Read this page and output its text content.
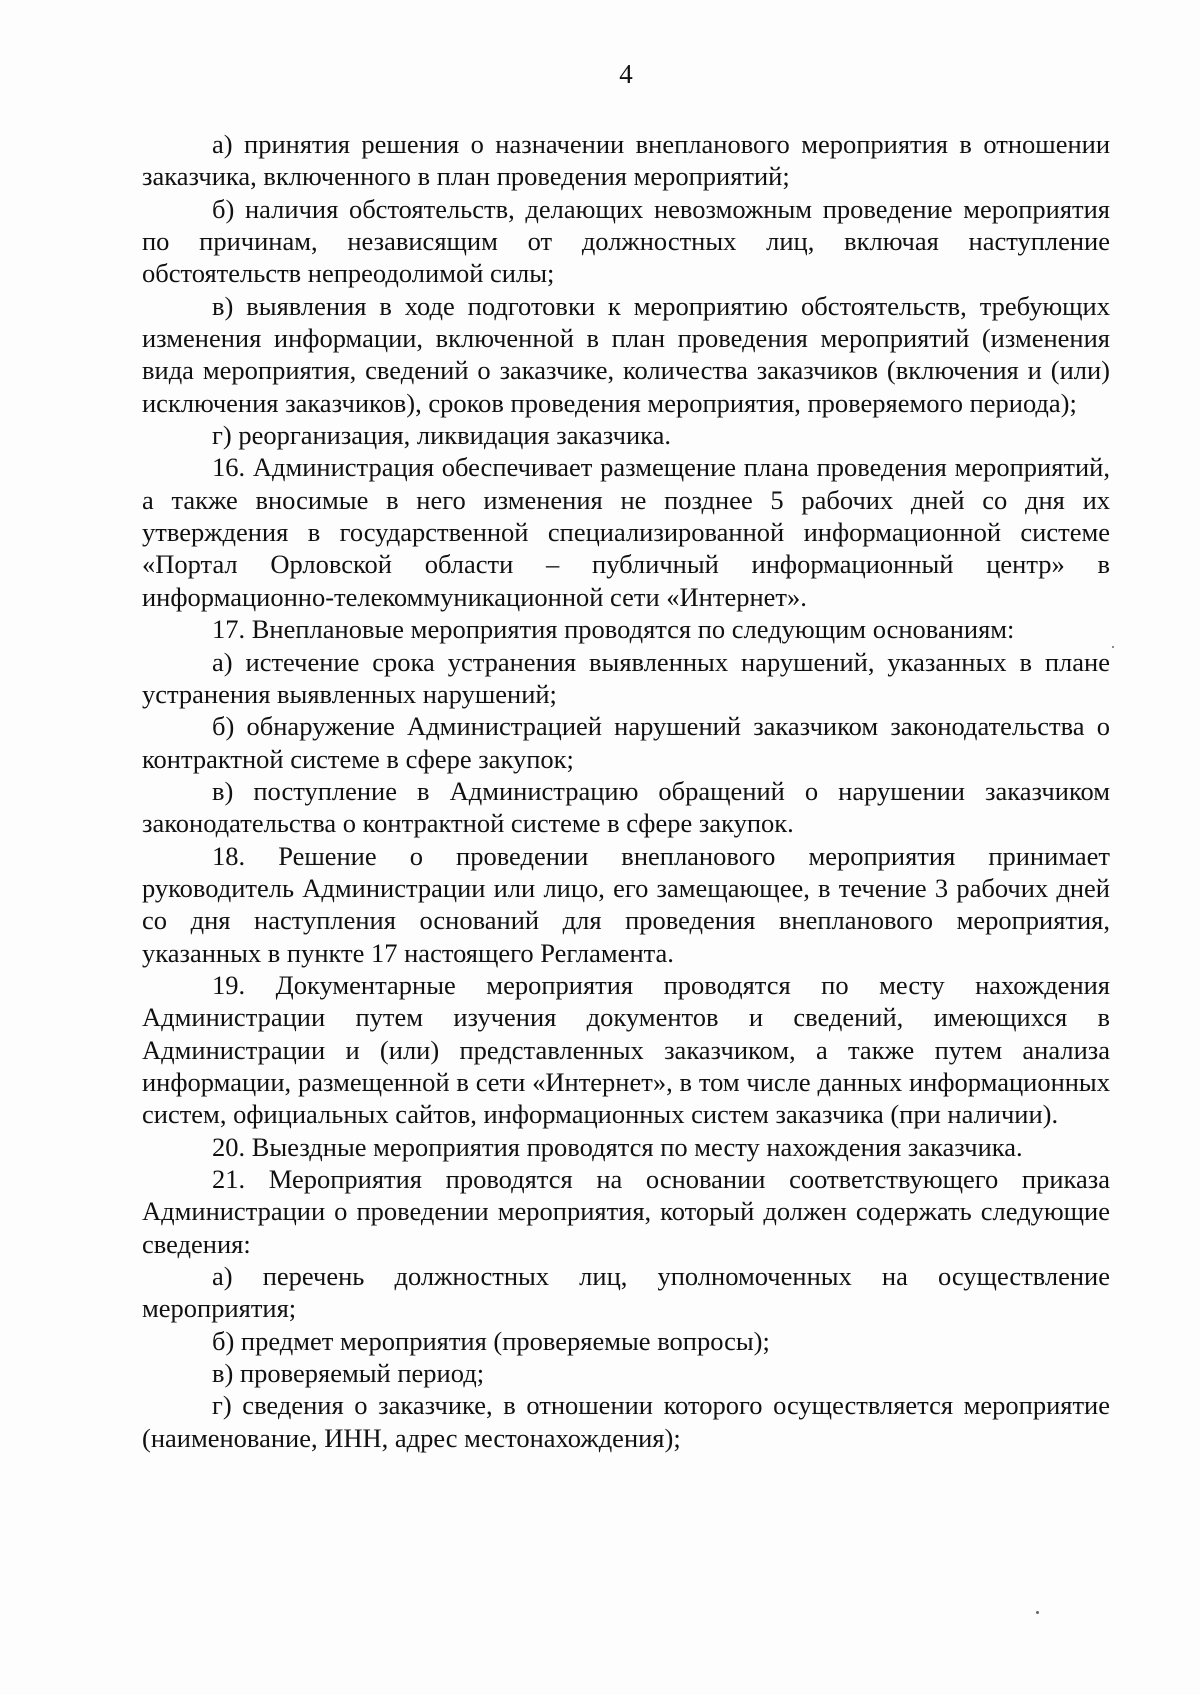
4

а) принятия решения о назначении внепланового мероприятия в отношении заказчика, включенного в план проведения мероприятий;

б) наличия обстоятельств, делающих невозможным проведение мероприятия по причинам, независящим от должностных лиц, включая наступление обстоятельств непреодолимой силы;

в) выявления в ходе подготовки к мероприятию обстоятельств, требующих изменения информации, включенной в план проведения мероприятий (изменения вида мероприятия, сведений о заказчике, количества заказчиков (включения и (или) исключения заказчиков), сроков проведения мероприятия, проверяемого периода);

г) реорганизация, ликвидация заказчика.

16. Администрация обеспечивает размещение плана проведения мероприятий, а также вносимые в него изменения не позднее 5 рабочих дней со дня их утверждения в государственной специализированной информационной системе «Портал Орловской области – публичный информационный центр» в информационно-телекоммуникационной сети «Интернет».

17. Внеплановые мероприятия проводятся по следующим основаниям:

а) истечение срока устранения выявленных нарушений, указанных в плане устранения выявленных нарушений;

б) обнаружение Администрацией нарушений заказчиком законодательства о контрактной системе в сфере закупок;

в) поступление в Администрацию обращений о нарушении заказчиком законодательства о контрактной системе в сфере закупок.

18. Решение о проведении внепланового мероприятия принимает руководитель Администрации или лицо, его замещающее, в течение 3 рабочих дней со дня наступления оснований для проведения внепланового мероприятия, указанных в пункте 17 настоящего Регламента.

19. Документарные мероприятия проводятся по месту нахождения Администрации путем изучения документов и сведений, имеющихся в Администрации и (или) представленных заказчиком, а также путем анализа информации, размещенной в сети «Интернет», в том числе данных информационных систем, официальных сайтов, информационных систем заказчика (при наличии).

20. Выездные мероприятия проводятся по месту нахождения заказчика.

21. Мероприятия проводятся на основании соответствующего приказа Администрации о проведении мероприятия, который должен содержать следующие сведения:

а) перечень должностных лиц, уполномоченных на осуществление мероприятия;

б) предмет мероприятия (проверяемые вопросы);

в) проверяемый период;

г) сведения о заказчике, в отношении которого осуществляется мероприятие (наименование, ИНН, адрес местонахождения);
